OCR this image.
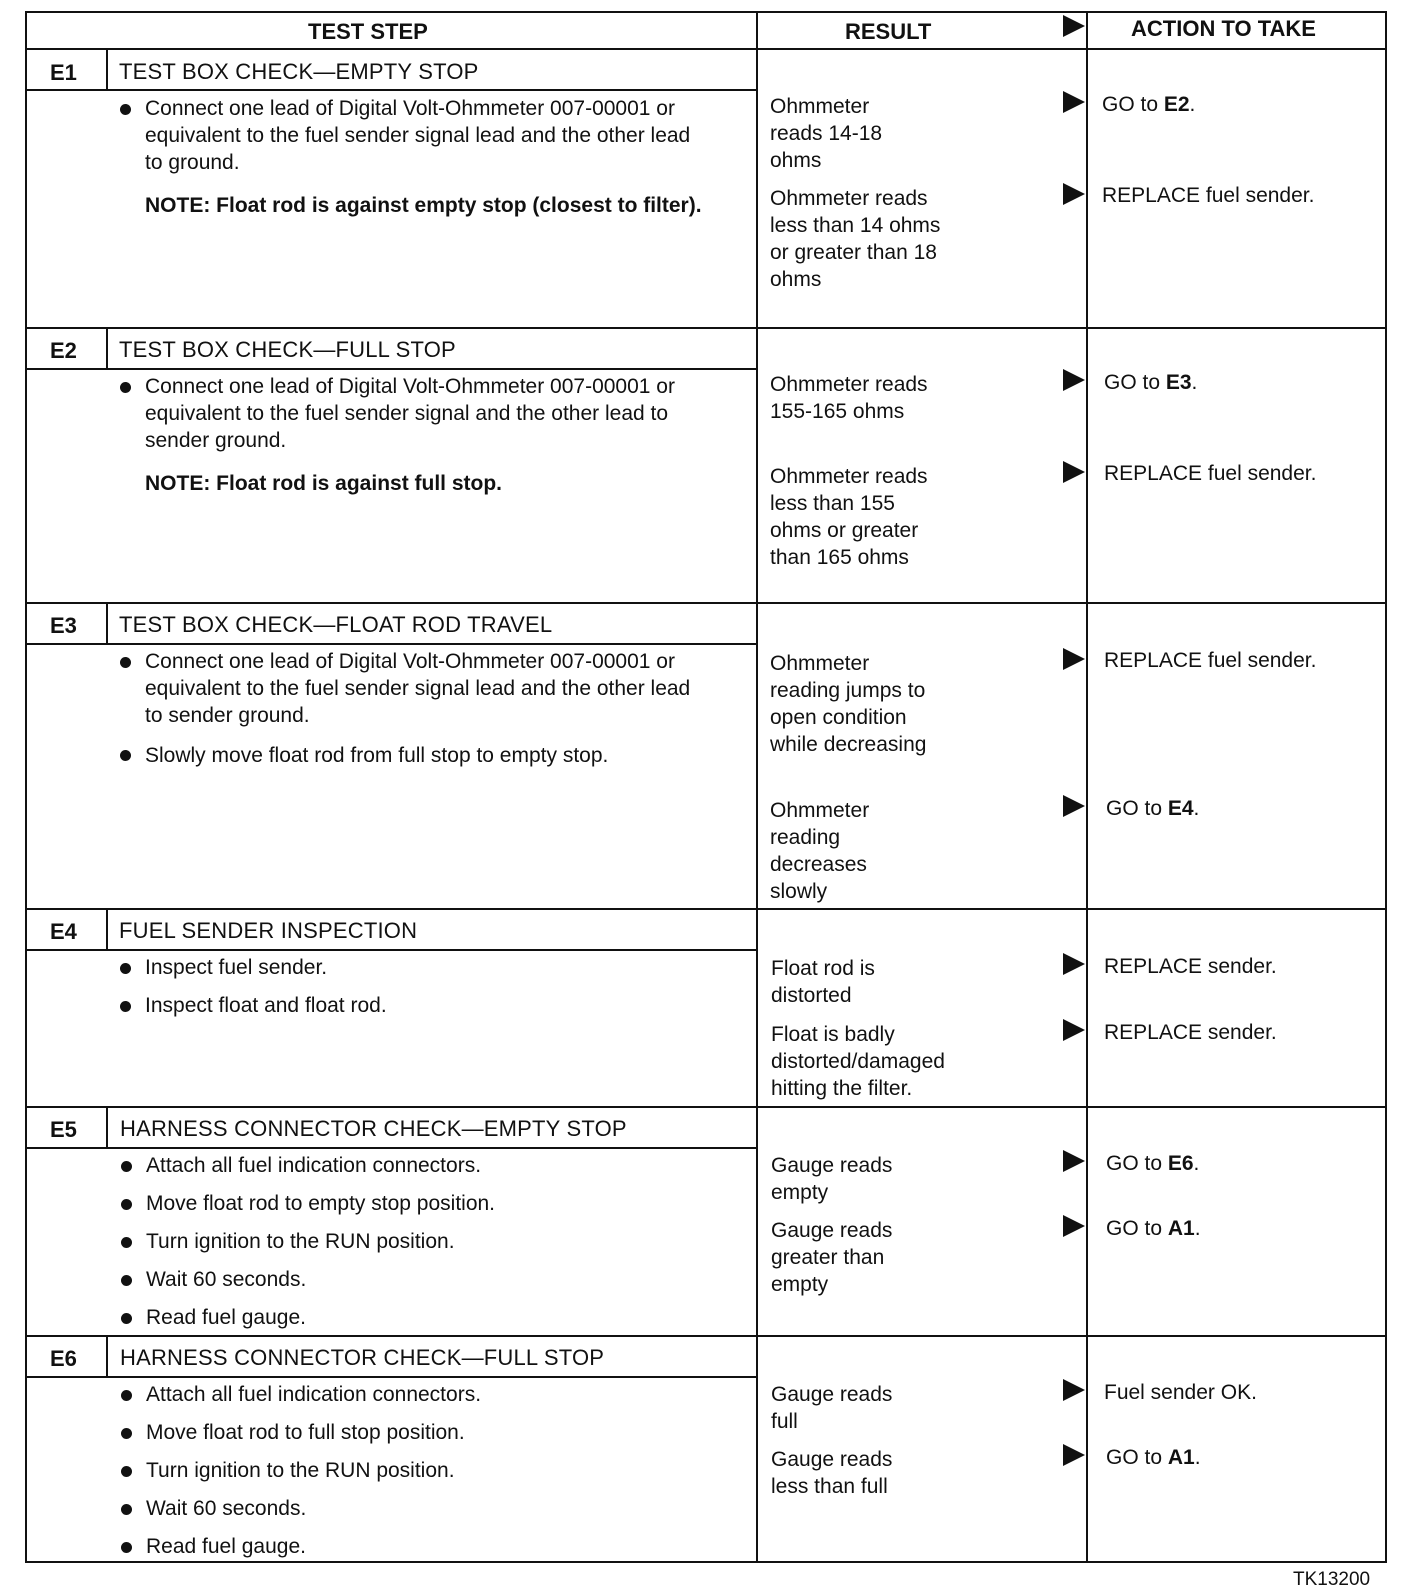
TEST STEP	RESULT	ACTION TO TAKE
E1 TEST BOX CHECK—EMPTY STOP
Connect one lead of Digital Volt-Ohmmeter 007-00001 or equivalent to the fuel sender signal lead and the other lead to ground.
NOTE: Float rod is against empty stop (closest to filter).
Ohmmeter reads 14-18 ohms
GO to E2.
Ohmmeter reads less than 14 ohms or greater than 18 ohms
REPLACE fuel sender.
E2 TEST BOX CHECK—FULL STOP
Connect one lead of Digital Volt-Ohmmeter 007-00001 or equivalent to the fuel sender signal and the other lead to sender ground.
NOTE: Float rod is against full stop.
Ohmmeter reads 155-165 ohms
GO to E3.
Ohmmeter reads less than 155 ohms or greater than 165 ohms
REPLACE fuel sender.
E3 TEST BOX CHECK—FLOAT ROD TRAVEL
Connect one lead of Digital Volt-Ohmmeter 007-00001 or equivalent to the fuel sender signal lead and the other lead to sender ground.
Slowly move float rod from full stop to empty stop.
Ohmmeter reading jumps to open condition while decreasing
REPLACE fuel sender.
Ohmmeter reading decreases slowly
GO to E4.
E4 FUEL SENDER INSPECTION
Inspect fuel sender.
Inspect float and float rod.
Float rod is distorted
REPLACE sender.
Float is badly distorted/damaged hitting the filter.
REPLACE sender.
E5 HARNESS CONNECTOR CHECK—EMPTY STOP
Attach all fuel indication connectors.
Move float rod to empty stop position.
Turn ignition to the RUN position.
Wait 60 seconds.
Read fuel gauge.
Gauge reads empty
GO to E6.
Gauge reads greater than empty
GO to A1.
E6 HARNESS CONNECTOR CHECK—FULL STOP
Attach all fuel indication connectors.
Move float rod to full stop position.
Turn ignition to the RUN position.
Wait 60 seconds.
Read fuel gauge.
Gauge reads full
Fuel sender OK.
Gauge reads less than full
GO to A1.
TK13200
